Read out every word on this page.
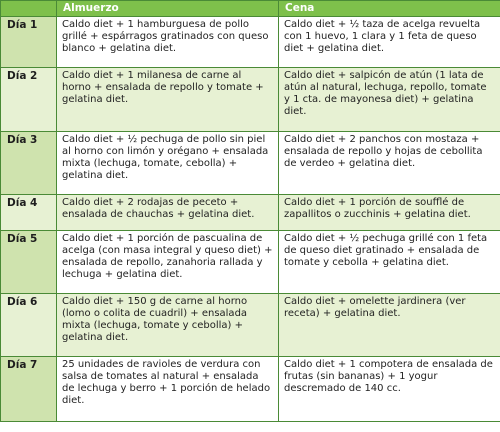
	Almuerzo	Cena
Día 1	Caldo diet + 1 hamburguesa de pollo grillé + espárragos gratinados con queso blanco + gelatina diet.	Caldo diet + ½ taza de acelga revuelta con 1 huevo, 1 clara y 1 feta de queso diet + gelatina diet.
Día 2	Caldo diet + 1 milanesa de carne al horno + ensalada de repollo y tomate + gelatina diet.	Caldo diet + salpicón de atún (1 lata de atún al natural, lechuga, repollo, tomate y 1 cta. de mayonesa diet) + gelatina diet.
Día 3	Caldo diet + ½ pechuga de pollo sin piel al horno con limón y orégano + ensalada mixta (lechuga, tomate, cebolla) + gelatina diet.	Caldo diet + 2 panchos con mostaza + ensalada de repollo y hojas de cebollita de verdeo + gelatina diet.
Día 4	Caldo diet + 2 rodajas de peceto + ensalada de chauchas + gelatina diet.	Caldo diet + 1 porción de soufflé de zapallitos o zucchinis + gelatina diet.
Día 5	Caldo diet + 1 porción de pascualina de acelga (con masa integral y queso diet) + ensalada de repollo, zanahoria rallada y lechuga + gelatina diet.	Caldo diet + ½ pechuga grillé con 1 feta de queso diet gratinado + ensalada de tomate y cebolla + gelatina diet.
Día 6	Caldo diet + 150 g de carne al horno (lomo o colita de cuadril) + ensalada mixta (lechuga, tomate y cebolla) + gelatina diet.	Caldo diet + omelette jardinera (ver receta) + gelatina diet.
Día 7	25 unidades de ravioles de verdura con salsa de tomates al natural + ensalada de lechuga y berro + 1 porción de helado diet.	Caldo diet + 1 compotera de ensalada de frutas (sin bananas) + 1 yogur descremado de 140 cc.
